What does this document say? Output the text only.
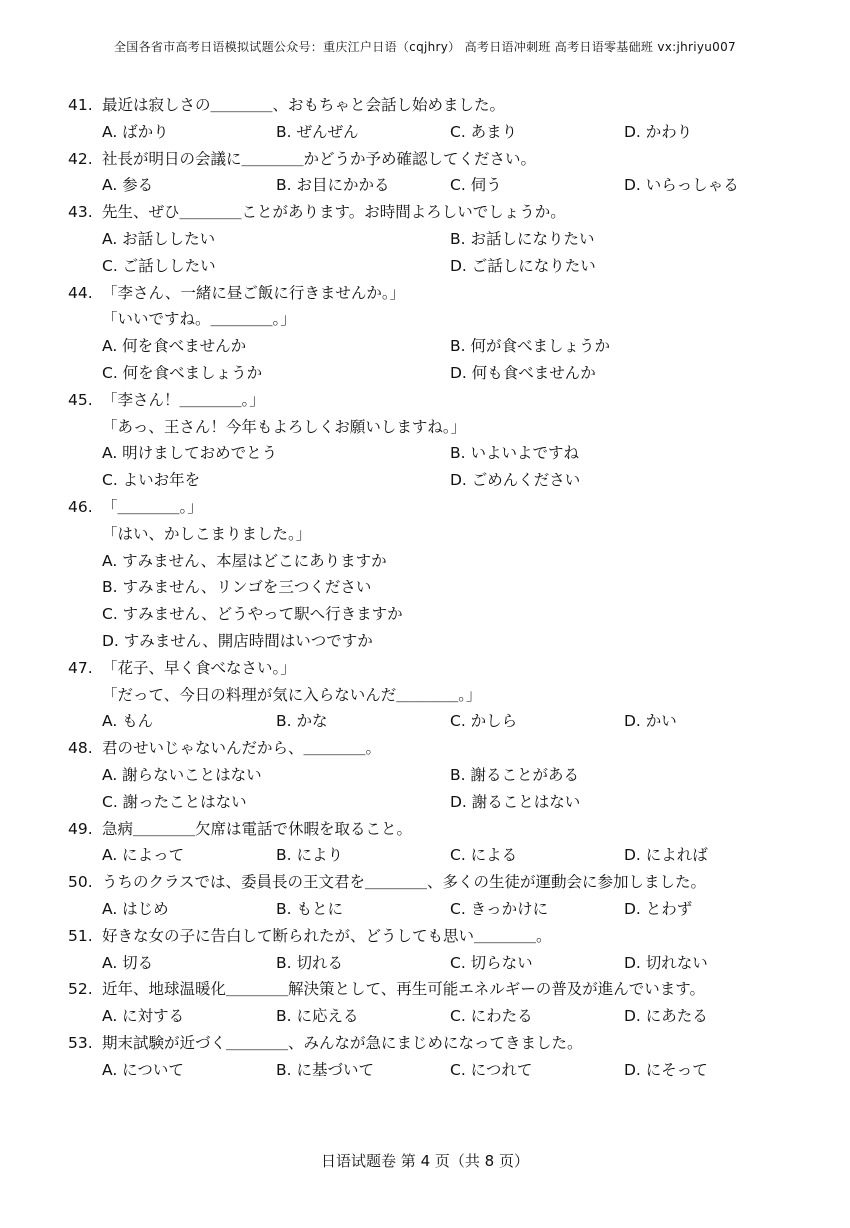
全国各省市高考日语模拟试题公众号：重庆江户日语（cqjhry） 高考日语冲刺班 高考日语零基础班 vx:jhriyu007
41. 最近は寂しさの＿＿＿＿、おもちゃと会話し始めました。
A. ばかり	B. ぜんぜん	C. あまり	D. かわり
42. 社長が明日の会議に＿＿＿＿かどうか予め確認してください。
A. 参る	B. お目にかかる	C. 伺う	D. いらっしゃる
43. 先生、ぜひ＿＿＿＿ことがあります。お時間よろしいでしょうか。
A. お話ししたい	B. お話しになりたい
C. ご話ししたい	D. ご話しになりたい
44. 「李さん、一緒に昼ご飯に行きませんか。」
「いいですね。＿＿＿＿。」
A. 何を食べませんか	B. 何が食べましょうか
C. 何を食べましょうか	D. 何も食べませんか
45. 「李さん！＿＿＿＿。」
「あっ、王さん！今年もよろしくお願いしますね。」
A. 明けましておめでとう	B. いよいよですね
C. よいお年を	D. ごめんください
46. 「＿＿＿＿。」
「はい、かしこまりました。」
A. すみません、本屋はどこにありますか
B. すみません、リンゴを三つください
C. すみません、どうやって駅へ行きますか
D. すみません、開店時間はいつですか
47. 「花子、早く食べなさい。」
「だって、今日の料理が気に入らないんだ＿＿＿＿。」
A. もん	B. かな	C. かしら	D. かい
48. 君のせいじゃないんだから、＿＿＿＿。
A. 謝らないことはない	B. 謝ることがある
C. 謝ったことはない	D. 謝ることはない
49. 急病＿＿＿＿欠席は電話で休暇を取ること。
A. によって	B. により	C. による	D. によれば
50. うちのクラスでは、委員長の王文君を＿＿＿＿、多くの生徒が運動会に参加しました。
A. はじめ	B. もとに	C. きっかけに	D. とわず
51. 好きな女の子に告白して断られたが、どうしても思い＿＿＿＿。
A. 切る	B. 切れる	C. 切らない	D. 切れない
52. 近年、地球温暖化＿＿＿＿解決策として、再生可能エネルギーの普及が進んでいます。
A. に対する	B. に応える	C. にわたる	D. にあたる
53. 期末試験が近づく＿＿＿＿、みんなが急にまじめになってきました。
A. について	B. に基づいて	C. につれて	D. にそって
日语试题卷 第 4 页（共 8 页）
